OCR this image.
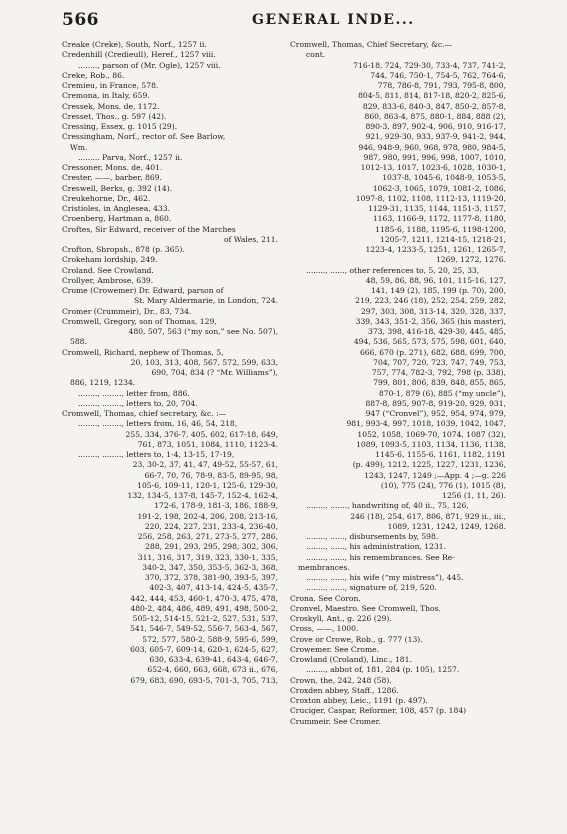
566	GENERAL INDE...
Creake (Creke), South, Norf., 1257 ii.
Credenhill (Credieull), Heref., 1257 viii.
........, parson of (Mr. Ogle), 1257 viii.
Creke, Rob., 86.
Cremieu, in France, 578.
Cremona, in Italy, 659.
Cressek, Mons. de, 1172.
Cresset, Thos., g. 597 (42).
Cressing, Essex, g. 1015 (29).
Cressingham, Norf., rector of. See Barlow,
Wm.
......... Parva, Norf., 1257 ii.
Cressoner, Mons. de, 401.
Crester, ——, barber, 869.
Creswell, Berks, g. 392 (14).
Creukehorne, Dr., 462.
Cristioles, in Anglesea, 433.
Croenberg, Hartman a, 860.
Croftes, Sir Edward, receiver of the Marches
of Wales, 211.
Crofton, Shropsh., 878 (p. 365).
Crokeham lordship, 249.
Croland. See Crowland.
Crollyer, Ambrose, 639.
Crome (Crowemer) Dr. Edward, parson of
St. Mary Aldermarie, in London, 724.
Cromer (Crummeir), Dr., 83, 734.
Cromwell, Gregory, son of Thomas, 129,
480, 507, 563 (“my son,” see No. 507),
588.
Cromwell, Richard, nephew of Thomas, 5,
20, 103, 313, 408, 567, 572, 599, 633,
690, 704, 834 (? “Mr. Williams”),
886, 1219, 1234.
........, ........, letter from, 886.
........, ........, letters to, 20, 704.
Cromwell, Thomas, chief secretary, &c. :—
........, ........, letters from, 16, 46, 54, 218,
255, 334, 376-7, 405, 602, 617-18, 649,
761, 873, 1051, 1084, 1110, 1123-4.
........, ........, letters to, 1-4, 13-15, 17-19,
23, 30-2, 37, 41, 47, 49-52, 55-57, 61,
66-7, 70, 76, 78-9, 83-5, 89-95, 98,
105-6, 109-11, 120-1, 125-6, 129-30,
132, 134-5, 137-8, 145-7, 152-4, 162-4,
172-6, 178-9, 181-3, 186, 188-9,
191-2, 198, 202-4, 206, 208, 213-16,
220, 224, 227, 231, 233-4, 236-40,
256, 258, 263, 271, 273-5, 277, 286,
288, 291, 293, 295, 298, 302, 306,
311, 316, 317, 319, 323, 330-1, 335,
340-2, 347, 350, 353-5, 362-3, 368,
370, 372, 378, 381-90, 393-5, 397,
402-3, 407, 413-14, 424-5, 435-7,
442, 444, 453, 460-1, 470-3, 475, 478,
480-2, 484, 486, 489, 491, 498, 500-2,
505-12, 514-15, 521-2, 527, 531, 537,
541, 546-7, 549-52, 556-7, 563-4, 567,
572, 577, 580-2, 588-9, 595-6, 599,
603, 605-7, 609-14, 620-1, 624-5, 627,
630, 633-4, 639-41, 643-4, 646-7,
652-4, 660, 663, 668, 673 ii., 676,
679, 683, 690, 693-5, 701-3, 705, 713,
Cromwell, Thomas, Chief Secretary, &c.—
cont.
716-18, 724, 729-30, 733-4, 737, 741-2,
744, 746, 750-1, 754-5, 762, 764-6,
778, 786-8, 791, 793, 795-8, 800,
804-5, 811, 814, 817-18, 820-2, 825-6,
829, 833-6, 840-3, 847, 850-2, 857-8,
860, 863-4, 875, 880-1, 884, 888 (2),
890-3, 897, 902-4, 906, 910, 916-17,
921, 929-30, 933, 937-9, 941-2, 944,
946, 948-9, 960, 968, 978, 980, 984-5,
987, 980, 991, 996, 998, 1007, 1010,
1012-13, 1017, 1023-6, 1028, 1030-1,
1037-8, 1045-6, 1048-9, 1053-5,
1062-3, 1065, 1079, 1081-2, 1086,
1097-8, 1102, 1108, 1112-13, 1119-20,
1129-31, 1135, 1144, 1151-3, 1157,
1163, 1166-9, 1172, 1177-8, 1180,
1185-6, 1188, 1195-6, 1198-1200,
1205-7, 1211, 1214-15, 1218-21,
1223-4, 1233-5, 1251, 1261, 1265-7,
1269, 1272, 1276.
........, ......, other references to, 5, 20, 25, 33,
48, 59, 86, 88, 96, 101, 115-16, 127,
141, 149 (2), 185, 199 (p. 70), 200,
219, 223, 246 (18), 252, 254, 259, 282,
297, 303, 308, 313-14, 320, 328, 337,
339, 343, 351-2, 356, 365 (his master),
373, 398, 416-18, 429-30, 445, 485,
494, 536, 565, 573, 575, 598, 601, 640,
666, 670 (p. 271), 682, 688, 699, 700,
704, 707, 720, 723, 747, 749, 753,
757, 774, 782-3, 792, 798 (p. 338),
799, 801, 806, 839, 848, 855, 865,
870-1, 879 (6), 885 (“my uncle”),
887-8, 895, 907-8, 919-20, 929, 931,
947 (“Cronvel”), 952, 954, 974, 979,
981, 993-4, 997, 1018, 1039, 1042, 1047,
1052, 1058, 1069-70, 1074, 1087 (32),
1089, 1093-5, 1103, 1134, 1136, 1138,
1145-6, 1155-6, 1161, 1182, 1191
(p. 499), 1212, 1225, 1227, 1231, 1236,
1243, 1247, 1249 ;—App. 4 ;—g. 226
(10), 775 (24), 776 (1), 1015 (8),
1256 (1, 11, 26).
........, ......., handwriting of, 40 ii., 75, 126,
246 (18), 254, 617, 806, 871, 929 ii., iii.,
1089, 1231, 1242, 1249, 1268.
........, ......, disbursements by, 598.
........, ......, his administration, 1231.
........, ......, his remembrances. See Re-
membrances.
........, ......, his wife (“my mistress”), 445.
........, ......, signature of, 219, 520.
Crona. See Coron.
Cronvel, Maestro. See Cromwell, Thos.
Croskyll, Ant., g. 226 (29).
Cross, ——, 1000.
Crove or Crowe, Rob., g. 777 (13).
Crowemer. See Crome.
Crowland (Croland), Linc., 181.
........, abbot of, 181, 284 (p. 105), 1257.
Crown, the, 242, 248 (58).
Croxden abbey, Staff., 1286.
Croxton abbey, Leic., 1191 (p. 497).
Cruciger, Caspar, Reformer, 108, 457 (p. 184)
Crummeir. See Cromer.
